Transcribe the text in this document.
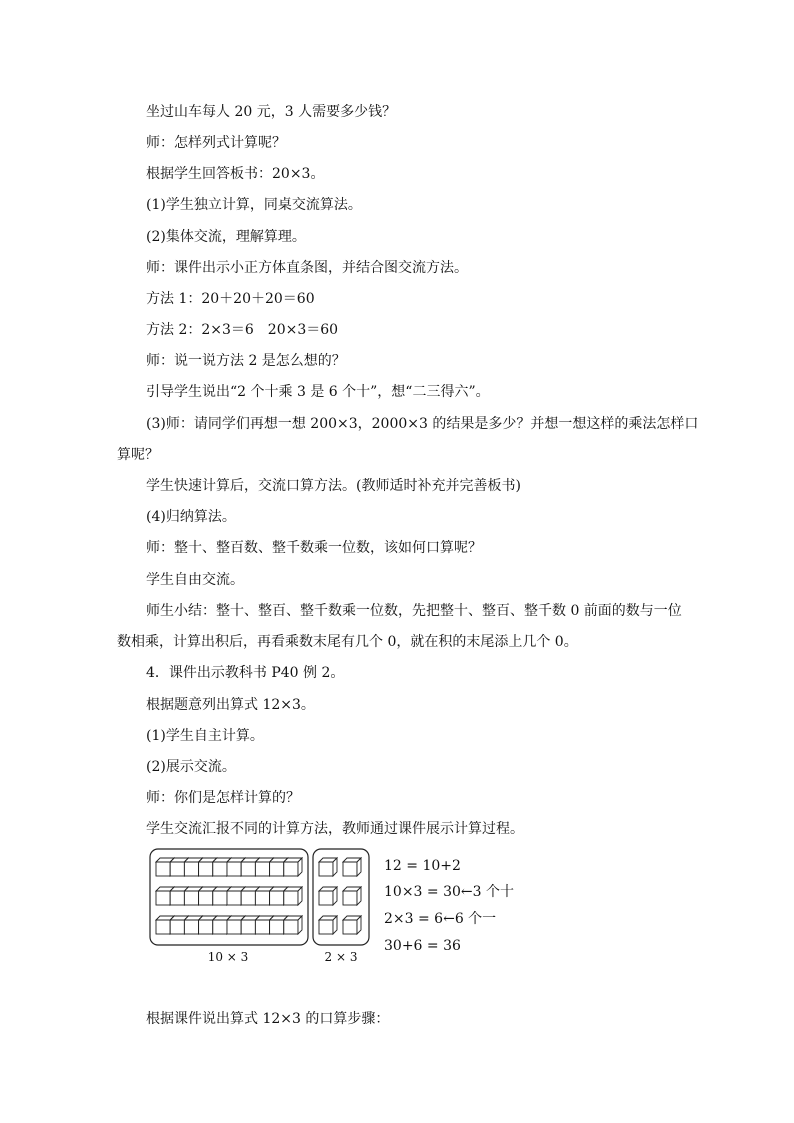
坐过山车每人 20 元，3 人需要多少钱？
师：怎样列式计算呢？
根据学生回答板书：20×3。
(1)学生独立计算，同桌交流算法。
(2)集体交流，理解算理。
师：课件出示小正方体直条图，并结合图交流方法。
方法 1：20＋20＋20＝60
方法 2：2×3＝6　20×3＝60
师：说一说方法 2 是怎么想的？
引导学生说出“2 个十乘 3 是 6 个十”，想“二三得六”。
(3)师：请同学们再想一想 200×3，2000×3 的结果是多少？并想一想这样的乘法怎样口
算呢？
学生快速计算后，交流口算方法。(教师适时补充并完善板书)
(4)归纳算法。
师：整十、整百数、整千数乘一位数，该如何口算呢？
学生自由交流。
师生小结：整十、整百、整千数乘一位数，先把整十、整百、整千数 0 前面的数与一位
数相乘，计算出积后，再看乘数末尾有几个 0，就在积的末尾添上几个 0。
4．课件出示教科书 P40 例 2。
根据题意列出算式 12×3。
(1)学生自主计算。
(2)展示交流。
师：你们是怎样计算的？
学生交流汇报不同的计算方法，教师通过课件展示计算过程。
10 × 3	2 × 3
12 = 10+2
10×3 = 30←3 个十
2×3 = 6←6 个一
30+6 = 36
根据课件说出算式 12×3 的口算步骤：
